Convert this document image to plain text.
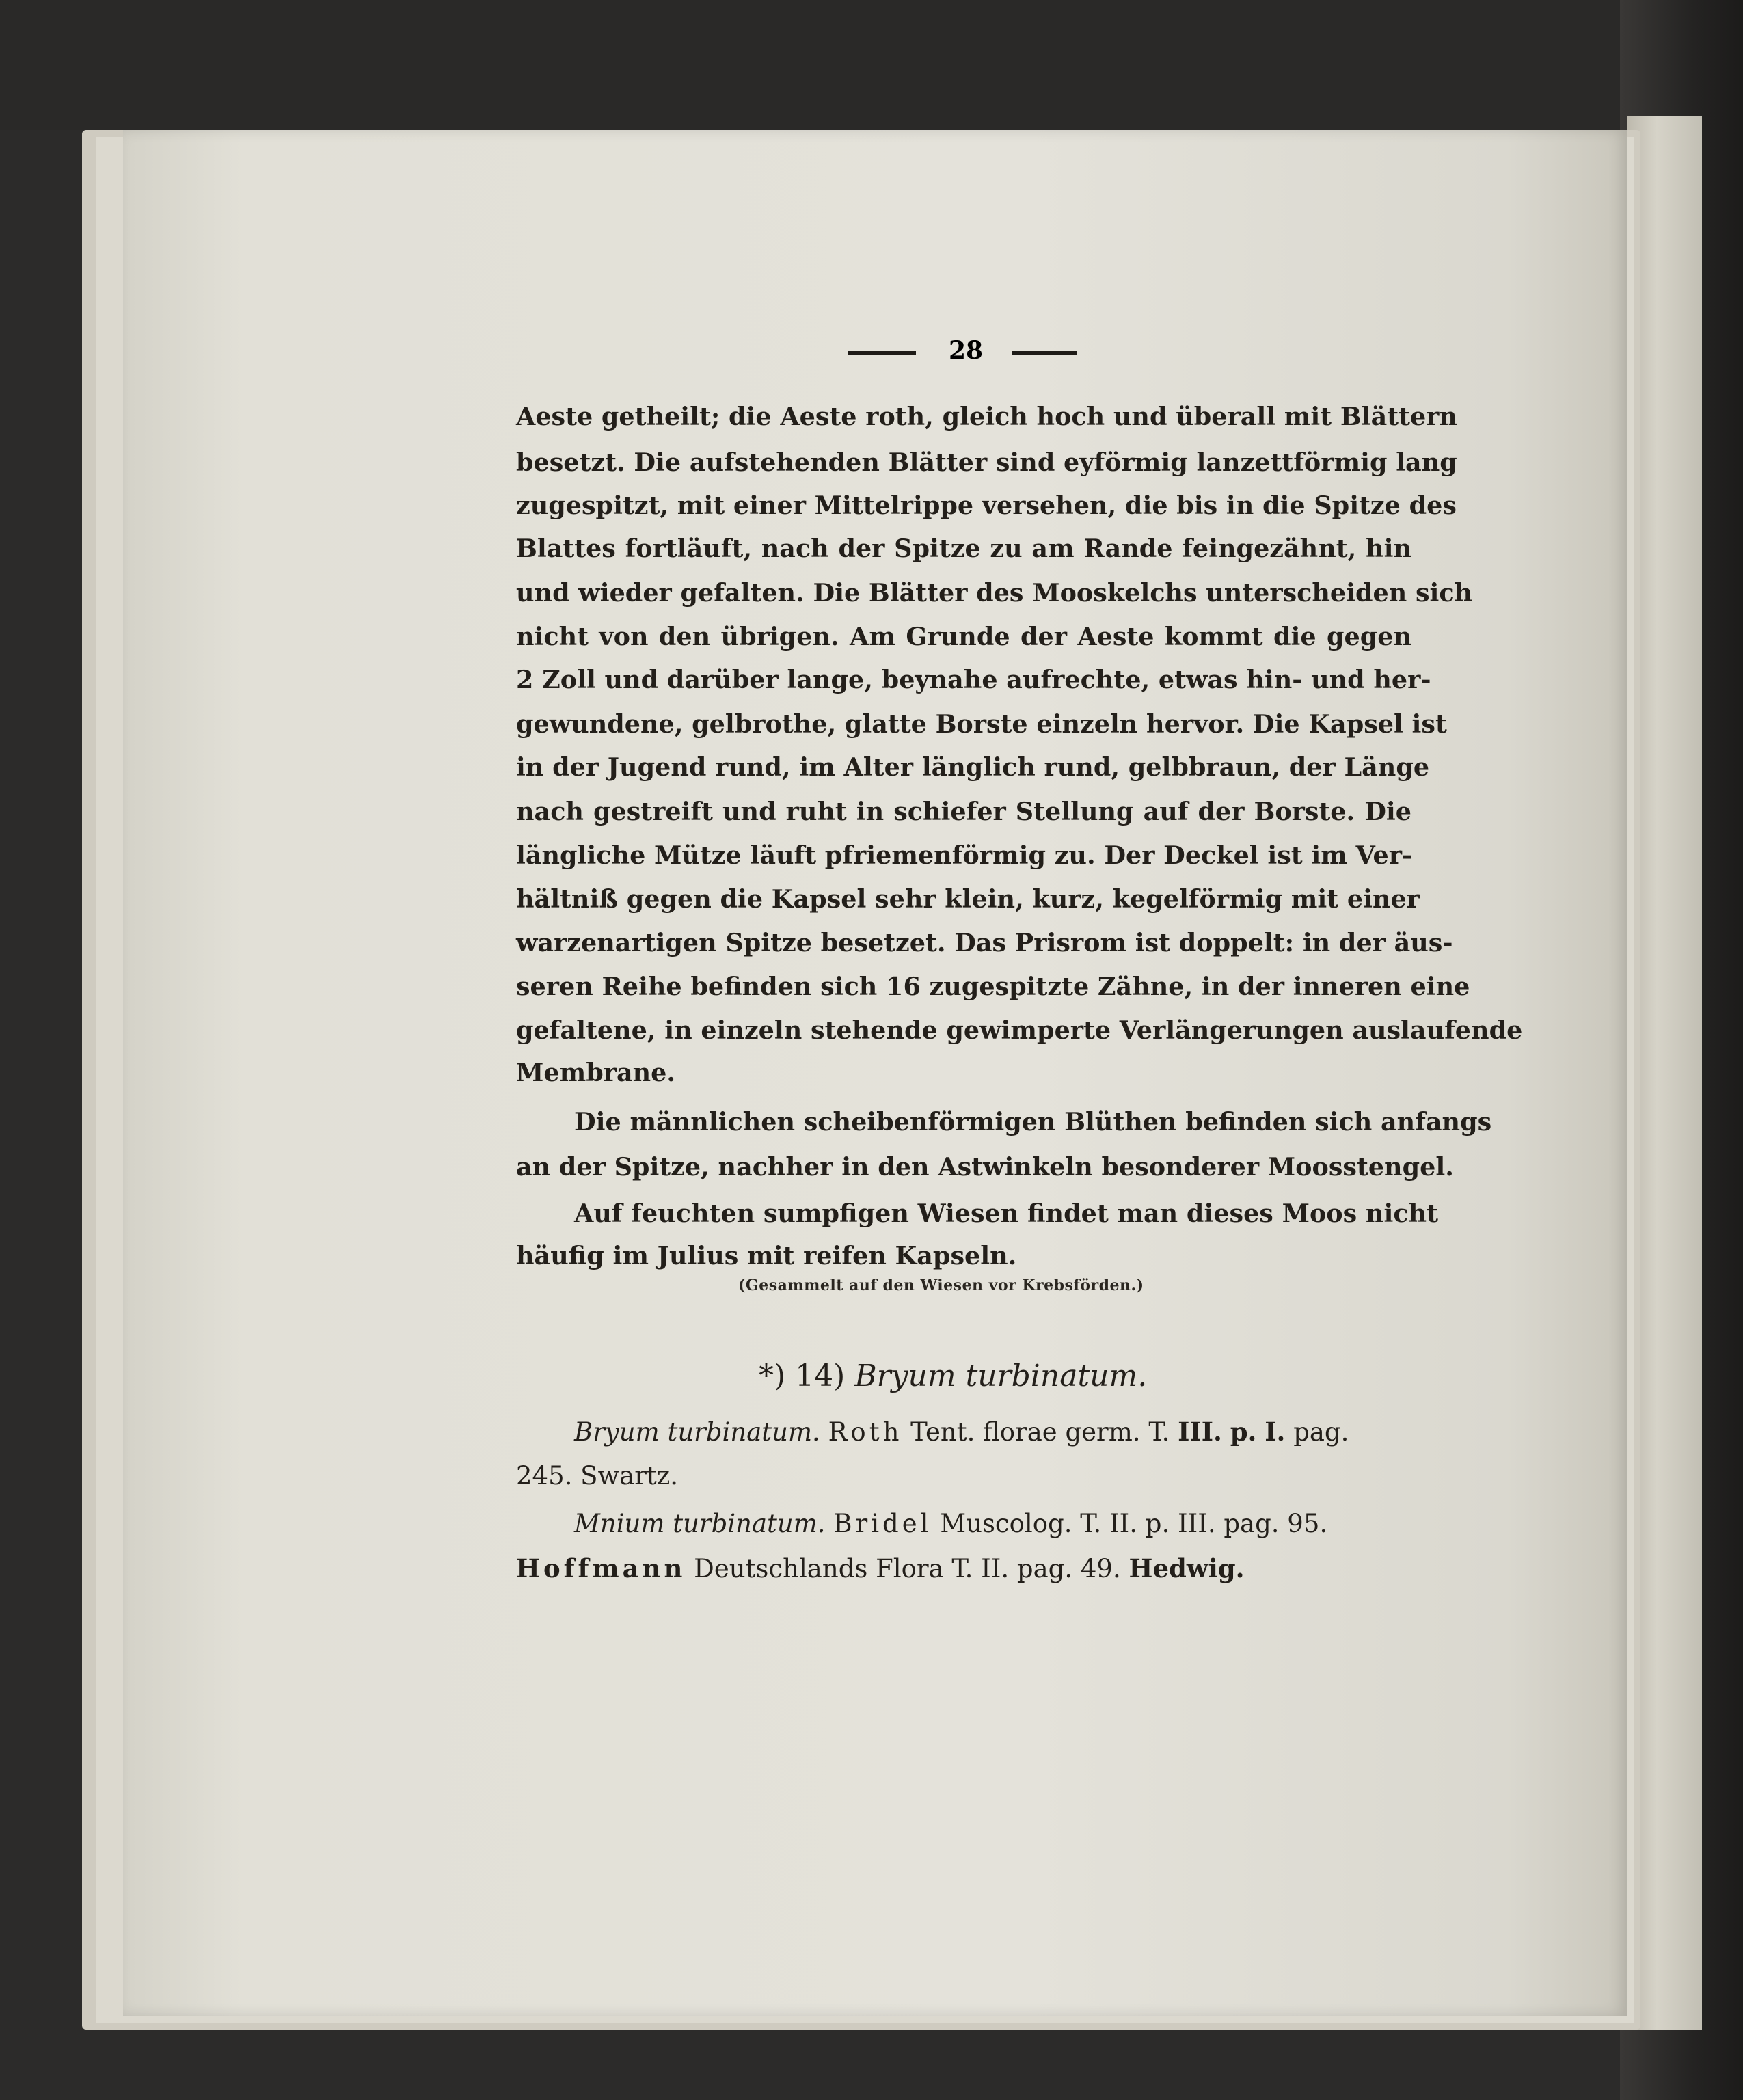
28
Aeste getheilt; die Aeste roth, gleich hoch und überall mit Blättern
besetzt. Die aufstehenden Blätter sind eyförmig lanzettförmig lang
zugespitzt, mit einer Mittelrippe versehen, die bis in die Spitze des
Blattes fortläuft, nach der Spitze zu am Rande feingezähnt, hin
und wieder gefalten. Die Blätter des Mooskelchs unterscheiden sich
nicht von den übrigen. Am Grunde der Aeste kommt die gegen
2 Zoll und darüber lange, beynahe aufrechte, etwas hin- und her-
gewundene, gelbrothe, glatte Borste einzeln hervor. Die Kapsel ist
in der Jugend rund, im Alter länglich rund, gelbbraun, der Länge
nach gestreift und ruht in schiefer Stellung auf der Borste. Die
längliche Mütze läuft pfriemenförmig zu. Der Deckel ist im Ver-
hältniß gegen die Kapsel sehr klein, kurz, kegelförmig mit einer
warzenartigen Spitze besetzet. Das Prisrom ist doppelt: in der äus-
seren Reihe befinden sich 16 zugespitzte Zähne, in der inneren eine
gefaltene, in einzeln stehende gewimperte Verlängerungen auslaufende
Membrane.
Die männlichen scheibenförmigen Blüthen befinden sich anfangs
an der Spitze, nachher in den Astwinkeln besonderer Moosstengel.
Auf feuchten sumpfigen Wiesen findet man dieses Moos nicht
häufig im Julius mit reifen Kapseln.
(Gesammelt auf den Wiesen vor Krebsförden.)
*) 14) Bryum turbinatum.
Bryum turbinatum. Roth Tent. florae germ. T. III. p. I. pag.
245. Swartz.
Mnium turbinatum. Bridel Muscolog. T. II. p. III. pag. 95.
Hoffmann Deutschlands Flora T. II. pag. 49. Hedwig.
